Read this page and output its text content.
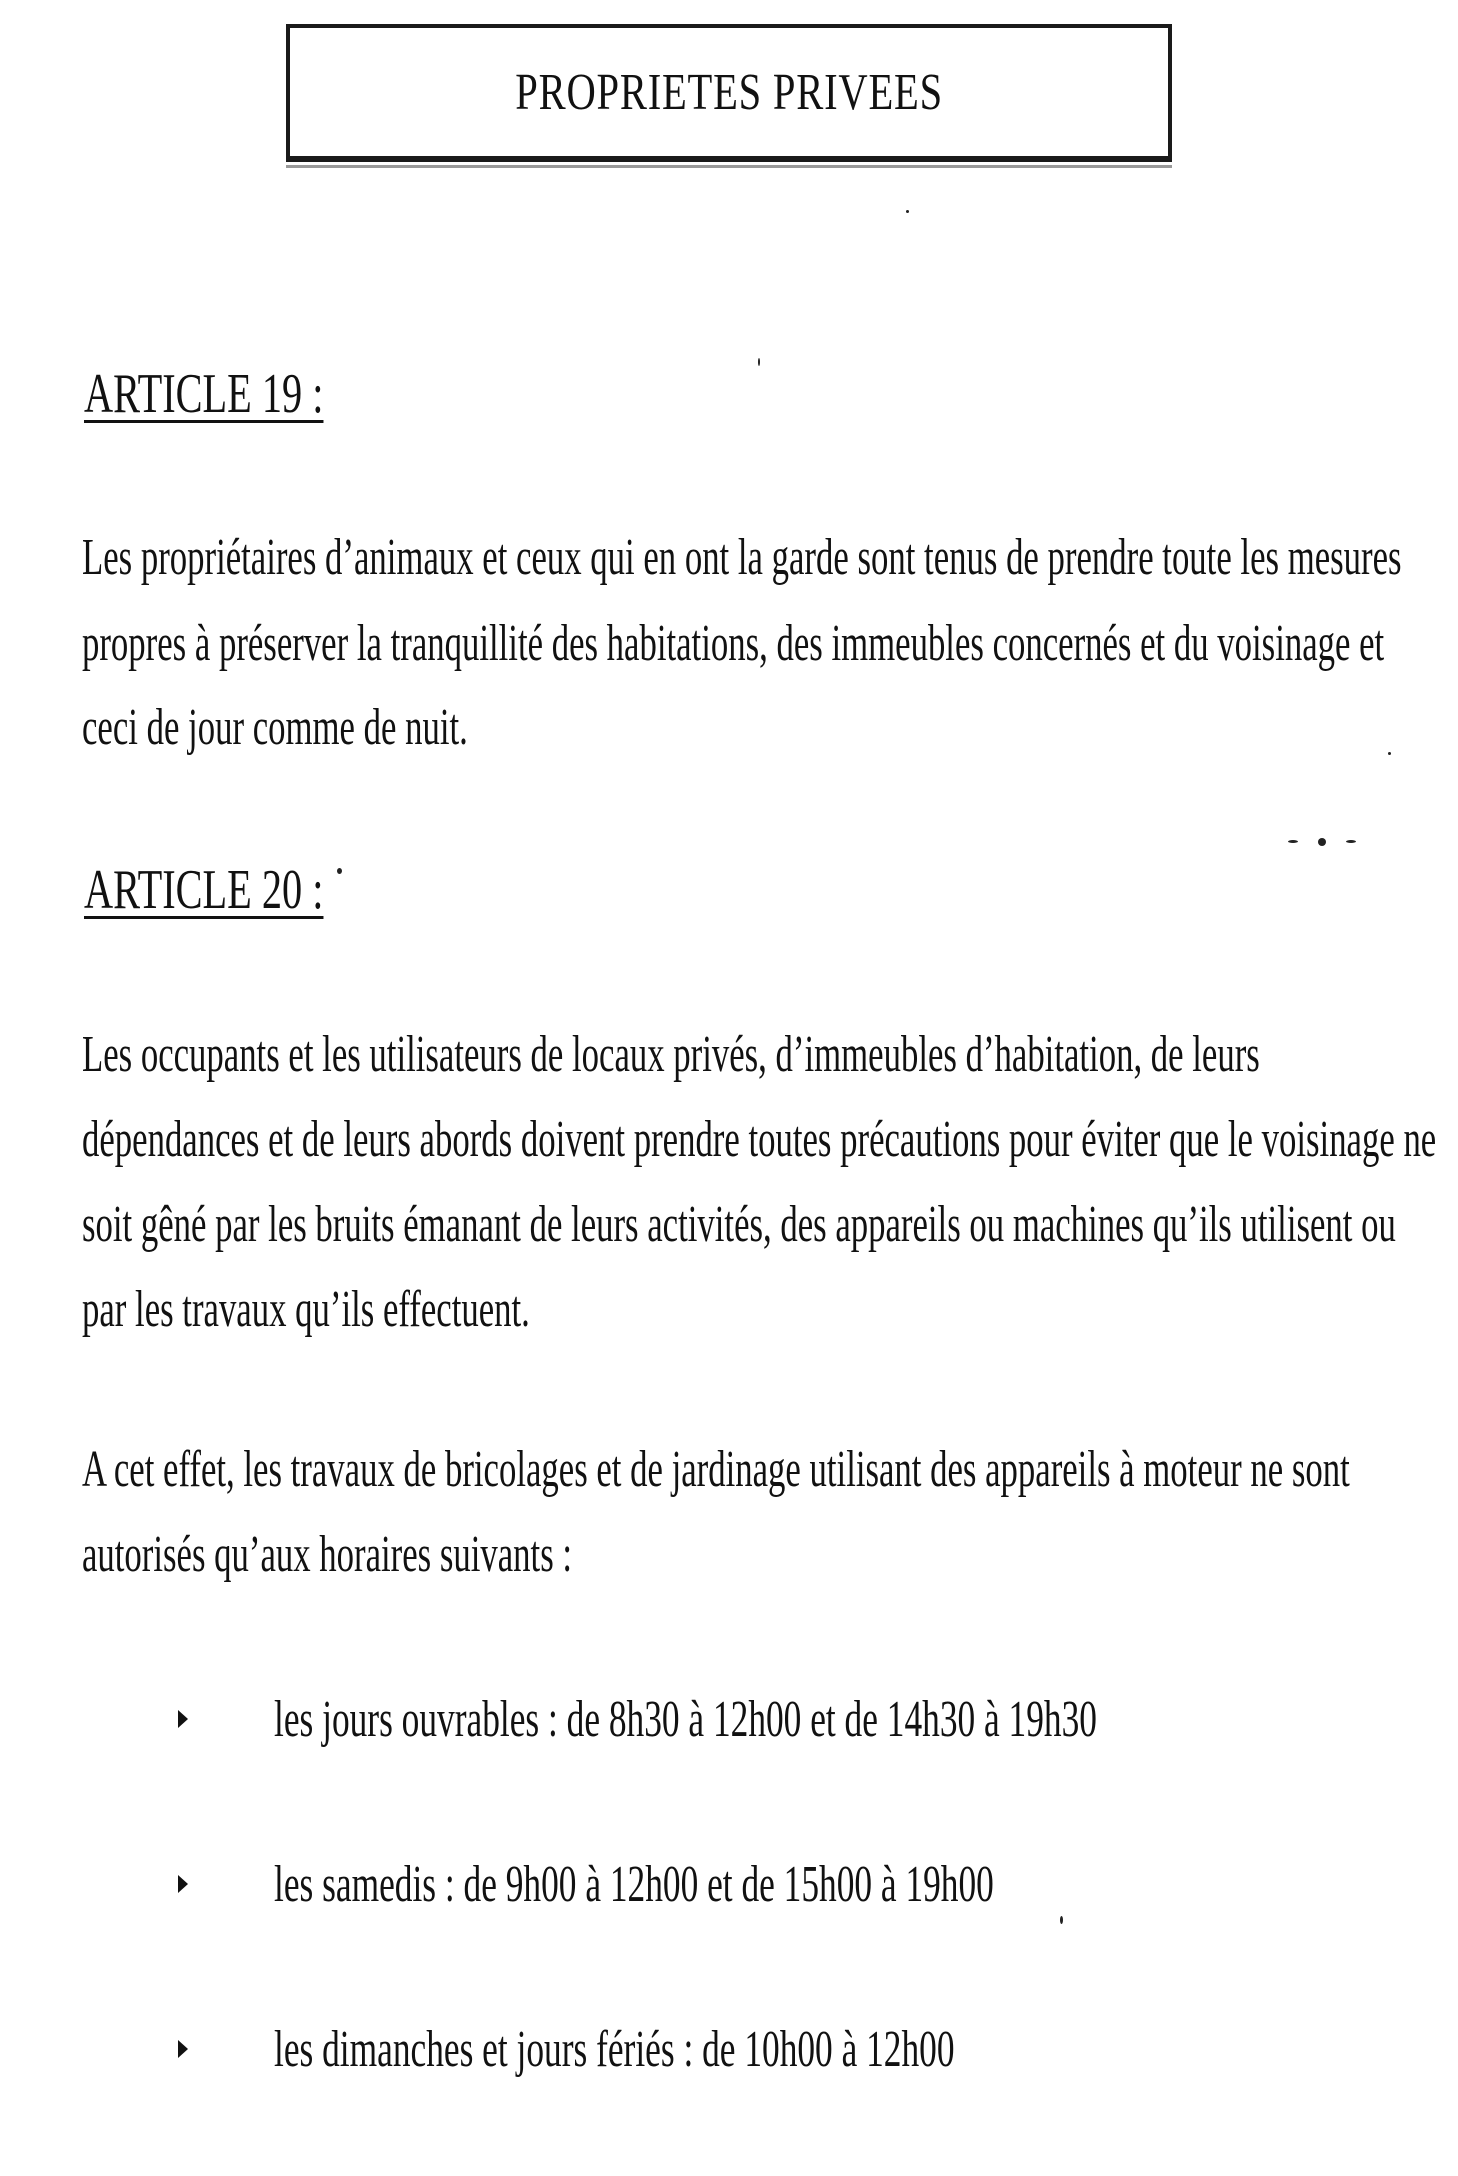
PROPRIETES PRIVEES
ARTICLE 19 :
Les propriétaires d’animaux et ceux qui en ont la garde sont tenus de prendre toute les mesures
propres à préserver la tranquillité des habitations, des immeubles concernés et du voisinage et
ceci de jour comme de nuit.
ARTICLE 20 :
Les occupants et les utilisateurs de locaux privés, d’immeubles d’habitation, de leurs
dépendances et de leurs abords doivent prendre toutes précautions pour éviter que le voisinage ne
soit gêné par les bruits émanant de leurs activités, des appareils ou machines qu’ils utilisent ou
par les travaux qu’ils effectuent.
A cet effet, les travaux de bricolages et de jardinage utilisant des appareils à moteur ne sont
autorisés qu’aux horaires suivants :
les jours ouvrables : de 8h30 à 12h00 et de 14h30 à 19h30
les samedis : de 9h00 à 12h00 et de 15h00 à 19h00
les dimanches et jours fériés : de 10h00 à 12h00
